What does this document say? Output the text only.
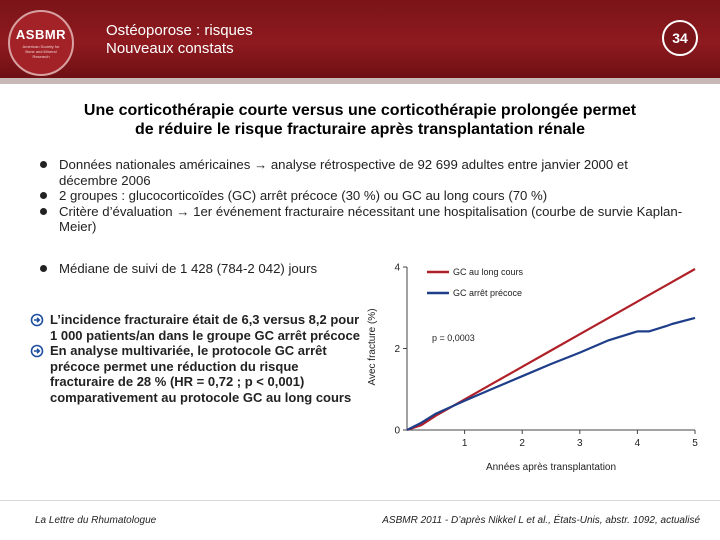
ASBMR
American Society for Bone and Mineral Research
Ostéoporose : risques
Nouveaux constats
34
Une corticothérapie courte versus une corticothérapie prolongée permet
de réduire le risque fracturaire après transplantation rénale
Données nationales américaines → analyse rétrospective de 92 699 adultes entre janvier 2000 et décembre 2006
2 groupes : glucocorticoïdes (GC) arrêt précoce (30 %) ou GC au long cours (70 %)
Critère d’évaluation → 1er événement fracturaire nécessitant une hospitalisation (courbe de survie Kaplan-Meier)
Médiane de suivi de 1 428 (784-2 042) jours
L’incidence fracturaire était de 6,3 versus 8,2 pour 1 000 patients/an dans le groupe GC arrêt précoce
En analyse multivariée, le protocole GC arrêt précoce permet une réduction du risque fracturaire de 28 % (HR = 0,72 ; p < 0,001) comparativement au protocole GC au long cours
1	2	3	4	5
0
2
4	GC au long cours
GC arrêt précoce
p = 0,0003
Avec fracture (%)
Années après transplantation
La Lettre du Rhumatologue	ASBMR 2011 - D’après Nikkel L et al., États-Unis, abstr. 1092, actualisé
